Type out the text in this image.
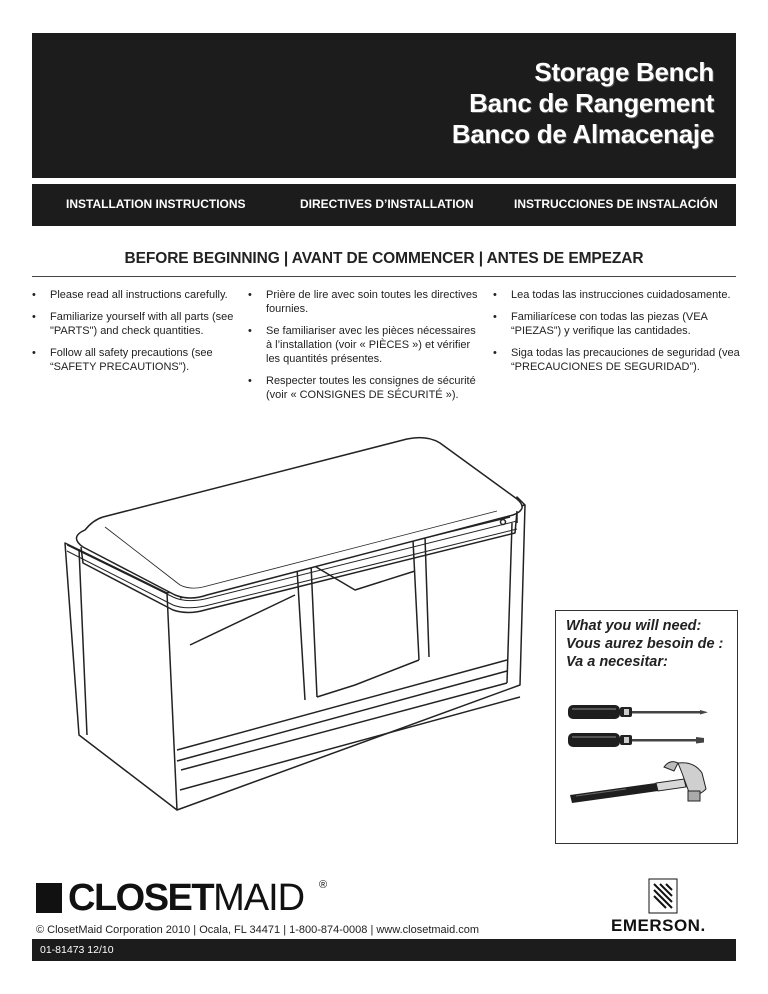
Storage Bench
Banc de Rangement
Banco de Almacenaje
INSTALLATION INSTRUCTIONS	DIRECTIVES D’INSTALLATION	INSTRUCCIONES DE INSTALACIÓN
BEFORE BEGINNING | AVANT DE COMMENCER | ANTES DE EMPEZAR
• Please read all instructions carefully.
• Familiarize yourself with all parts (see "PARTS") and check quantities.
• Follow all safety precautions (see “SAFETY PRECAUTIONS”).
• Prière de lire avec soin toutes les directives fournies.
• Se familiariser avec les pièces nécessaires à l’installation (voir « PIÈCES ») et vérifier les quantités présentes.
• Respecter toutes les consignes de sécurité (voir « CONSIGNES DE SÉCURITÉ »).
• Lea todas las instrucciones cuidadosamente.
• Familiarícese con todas las piezas (VEA “PIEZAS”) y verifique las cantidades.
• Siga todas las precauciones de seguridad (vea “PRECAUCIONES DE SEGURIDAD”).
What you will need:
Vous aurez besoin de :
Va a necesitar:
CLOSETMAID ®
© ClosetMaid Corporation 2010 | Ocala, FL 34471 | 1-800-874-0008 | www.closetmaid.com	EMERSON.
01-81473 12/10
